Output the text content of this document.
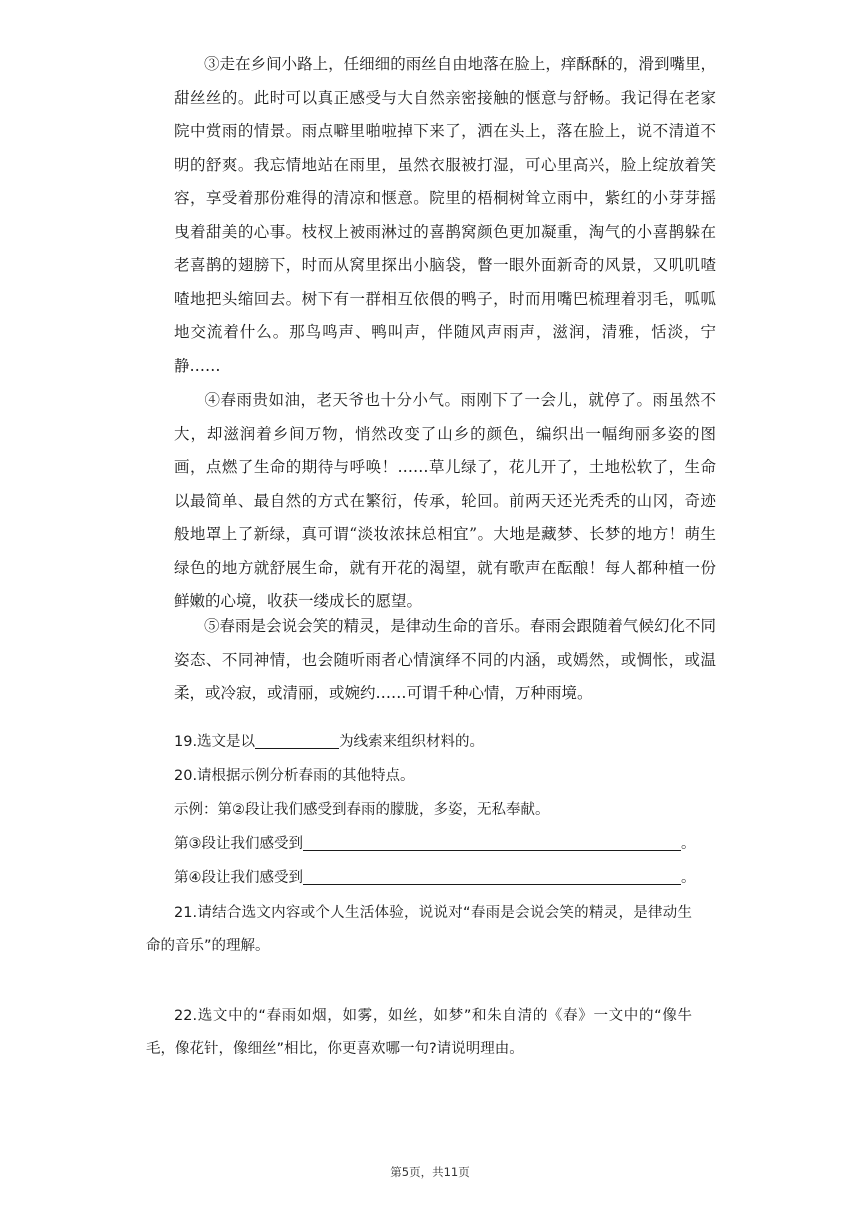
③走在乡间小路上，任细细的雨丝自由地落在脸上，痒酥酥的，滑到嘴里，甜丝丝的。此时可以真正感受与大自然亲密接触的惬意与舒畅。我记得在老家院中赏雨的情景。雨点噼里啪啦掉下来了，洒在头上，落在脸上，说不清道不明的舒爽。我忘情地站在雨里，虽然衣服被打湿，可心里高兴，脸上绽放着笑容，享受着那份难得的清凉和惬意。院里的梧桐树耸立雨中，紫红的小芽芽摇曳着甜美的心事。枝杈上被雨淋过的喜鹊窝颜色更加凝重，淘气的小喜鹊躲在老喜鹊的翅膀下，时而从窝里探出小脑袋，瞥一眼外面新奇的风景，又叽叽喳喳地把头缩回去。树下有一群相互依偎的鸭子，时而用嘴巴梳理着羽毛，呱呱地交流着什么。那鸟鸣声、鸭叫声，伴随风声雨声，滋润，清雅，恬淡，宁静……

④春雨贵如油，老天爷也十分小气。雨刚下了一会儿，就停了。雨虽然不大，却滋润着乡间万物，悄然改变了山乡的颜色，编织出一幅绚丽多姿的图画，点燃了生命的期待与呼唤！……草儿绿了，花儿开了，土地松软了，生命以最简单、最自然的方式在繁衍，传承，轮回。前两天还光秃秃的山冈，奇迹般地罩上了新绿，真可谓“淡妆浓抹总相宜”。大地是藏梦、长梦的地方！萌生绿色的地方就舒展生命，就有开花的渴望，就有歌声在酝酿！每人都种植一份鲜嫩的心境，收获一缕成长的愿望。

⑤春雨是会说会笑的精灵，是律动生命的音乐。春雨会跟随着气候幻化不同姿态、不同神情，也会随听雨者心情演绎不同的内涵，或嫣然，或惆怅，或温柔，或冷寂，或清丽，或婉约……可谓千种心情，万种雨境。

19.选文是以	为线索来组织材料的。

20.请根据示例分析春雨的其他特点。

示例：第②段让我们感受到春雨的朦胧，多姿，无私奉献。

第③段让我们感受到	。

第④段让我们感受到	。

21.请结合选文内容或个人生活体验，说说对“春雨是会说会笑的精灵，是律动生命的音乐”的理解。

22.选文中的“春雨如烟，如雾，如丝，如梦”和朱自清的《春》一文中的“像牛毛，像花针，像细丝”相比，你更喜欢哪一句?请说明理由。

第5页，共11页
